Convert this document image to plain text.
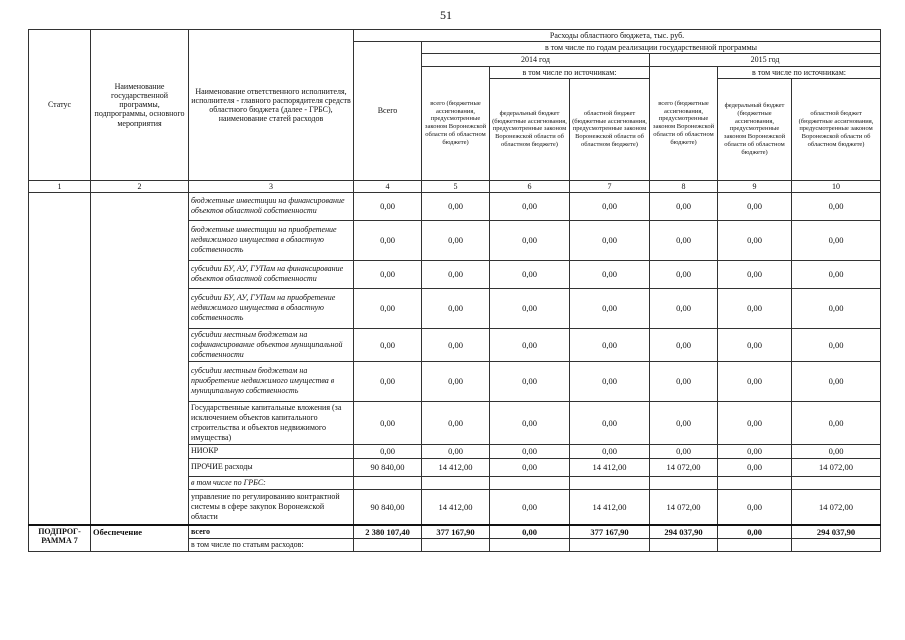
51
Статус	Наименование государственной программы, подпрограммы, основного мероприятия	Наименование ответственного исполнителя, исполнителя - главного распорядителя средств областного бюджета (далее - ГРБС), наименование статей расходов	Расходы областного бюджета, тыс. руб.						
			Всего	в том числе по годам реализации государственной программы					
				2014 год			2015 год		
				всего (бюджетные ассигнования, предусмотренные законом Воронежской области об областном бюджете)	в том числе по источникам:		всего (бюджетные ассигнования, предусмотренные законом Воронежской области об областном бюджете)	в том числе по источникам:	
					федеральный бюджет (бюджетные ассигнования, предусмотренные законом Воронежской области об областном бюджете)	областной бюджет (бюджетные ассигнования, предусмотренные законом Воронежской области об областном бюджете)		федеральный бюджет (бюджетные ассигнования, предусмотренные законом Воронежской области об областном бюджете)	областной бюджет (бюджетные ассигнования, предусмотренные законом Воронежской области об областном бюджете)
1	2	3	4	5	6	7	8	9	10
		бюджетные инвестиции на финансирование объектов областной собственности	0,00	0,00	0,00	0,00	0,00	0,00	0,00
		бюджетные инвестиции на приобретение недвижимого имущества в областную собственность	0,00	0,00	0,00	0,00	0,00	0,00	0,00
		субсидии БУ, АУ, ГУПам на финансирование объектов областной собственности	0,00	0,00	0,00	0,00	0,00	0,00	0,00
		субсидии БУ, АУ, ГУПам на приобретение недвижимого имущества в областную собственность	0,00	0,00	0,00	0,00	0,00	0,00	0,00
		субсидии местным бюджетам на софинансирование объектов муниципальной собственности	0,00	0,00	0,00	0,00	0,00	0,00	0,00
		субсидии местным бюджетам на приобретение недвижимого имущества в муниципальную собственность	0,00	0,00	0,00	0,00	0,00	0,00	0,00
		Государственные капитальные вложения (за исключением объектов капитального строительства и объектов недвижимого имущества)	0,00	0,00	0,00	0,00	0,00	0,00	0,00
		НИОКР	0,00	0,00	0,00	0,00	0,00	0,00	0,00
		ПРОЧИЕ расходы	90 840,00	14 412,00	0,00	14 412,00	14 072,00	0,00	14 072,00
		в том числе по ГРБС:							
		управление по регулированию контрактной системы в сфере закупок Воронежской области	90 840,00	14 412,00	0,00	14 412,00	14 072,00	0,00	14 072,00
ПОДПРОГ-РАММА 7	Обеспечение	всего	2 380 107,40	377 167,90	0,00	377 167,90	294 037,90	0,00	294 037,90
		в том числе по статьям расходов:							
